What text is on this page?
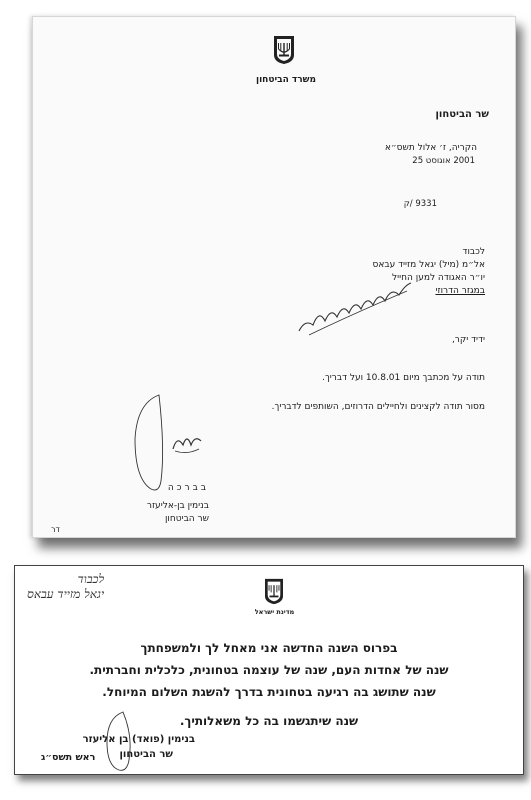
משרד הביטחון
שר הביטחון
הקריה, ז׳ אלול תשס״א
2001 אוגוסט 25
9331 /ק
לכבוד
אל״מ (מיל) יגאל מזייד עבאס
יו״ר האגודה למען החייל
במגזר הדרוזי
ידיד יקר,
תודה על מכתבך מיום 10.8.01 ועל דבריך.
מסור תודה לקצינים ולחיילים הדרוזים, השותפים לדבריך.
בברכה
בנימין בן-אליעזר
שר הביטחון
דר
לכבוד
יגאל מזייד עבאס
מדינת ישראל
בפרוס השנה החדשה אני מאחל לך ולמשפחתך
שנה של אחדות העם, שנה של עוצמה בטחונית, כלכלית וחברתית.
שנה שתושג בה רגיעה בטחונית בדרך להשגת השלום המיוחל.
שנה שיתגשמו בה כל משאלותיך.
בנימין (פואד) בן אליעזר
שר הביטחון
ראש תשס״ג
